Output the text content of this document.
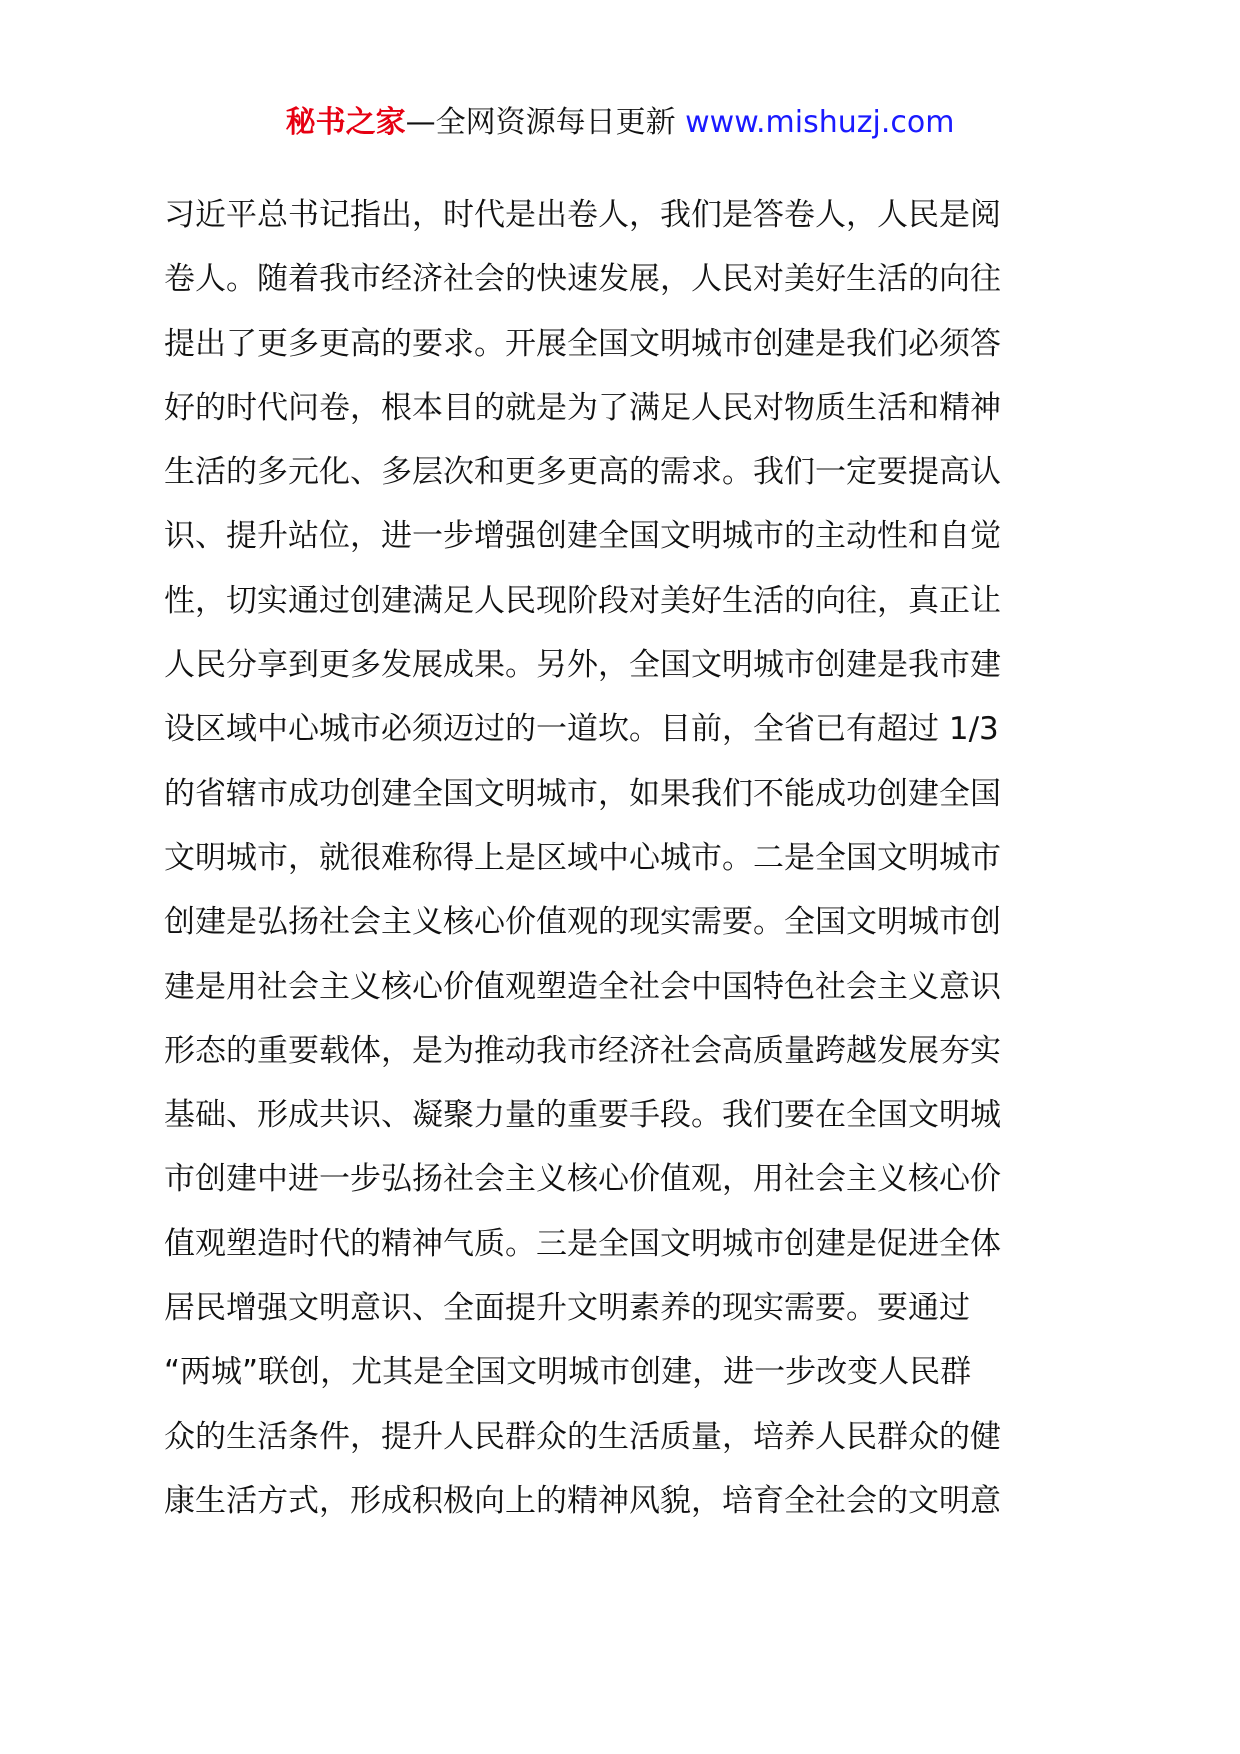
秘书之家—全网资源每日更新 www.mishuzj.com
习近平总书记指出，时代是出卷人，我们是答卷人，人民是阅
卷人。随着我市经济社会的快速发展，人民对美好生活的向往
提出了更多更高的要求。开展全国文明城市创建是我们必须答
好的时代问卷，根本目的就是为了满足人民对物质生活和精神
生活的多元化、多层次和更多更高的需求。我们一定要提高认
识、提升站位，进一步增强创建全国文明城市的主动性和自觉
性，切实通过创建满足人民现阶段对美好生活的向往，真正让
人民分享到更多发展成果。另外，全国文明城市创建是我市建
设区域中心城市必须迈过的一道坎。目前，全省已有超过 1/3
的省辖市成功创建全国文明城市，如果我们不能成功创建全国
文明城市，就很难称得上是区域中心城市。二是全国文明城市
创建是弘扬社会主义核心价值观的现实需要。全国文明城市创
建是用社会主义核心价值观塑造全社会中国特色社会主义意识
形态的重要载体，是为推动我市经济社会高质量跨越发展夯实
基础、形成共识、凝聚力量的重要手段。我们要在全国文明城
市创建中进一步弘扬社会主义核心价值观，用社会主义核心价
值观塑造时代的精神气质。三是全国文明城市创建是促进全体
居民增强文明意识、全面提升文明素养的现实需要。要通过
“两城”联创，尤其是全国文明城市创建，进一步改变人民群
众的生活条件，提升人民群众的生活质量，培养人民群众的健
康生活方式，形成积极向上的精神风貌，培育全社会的文明意
